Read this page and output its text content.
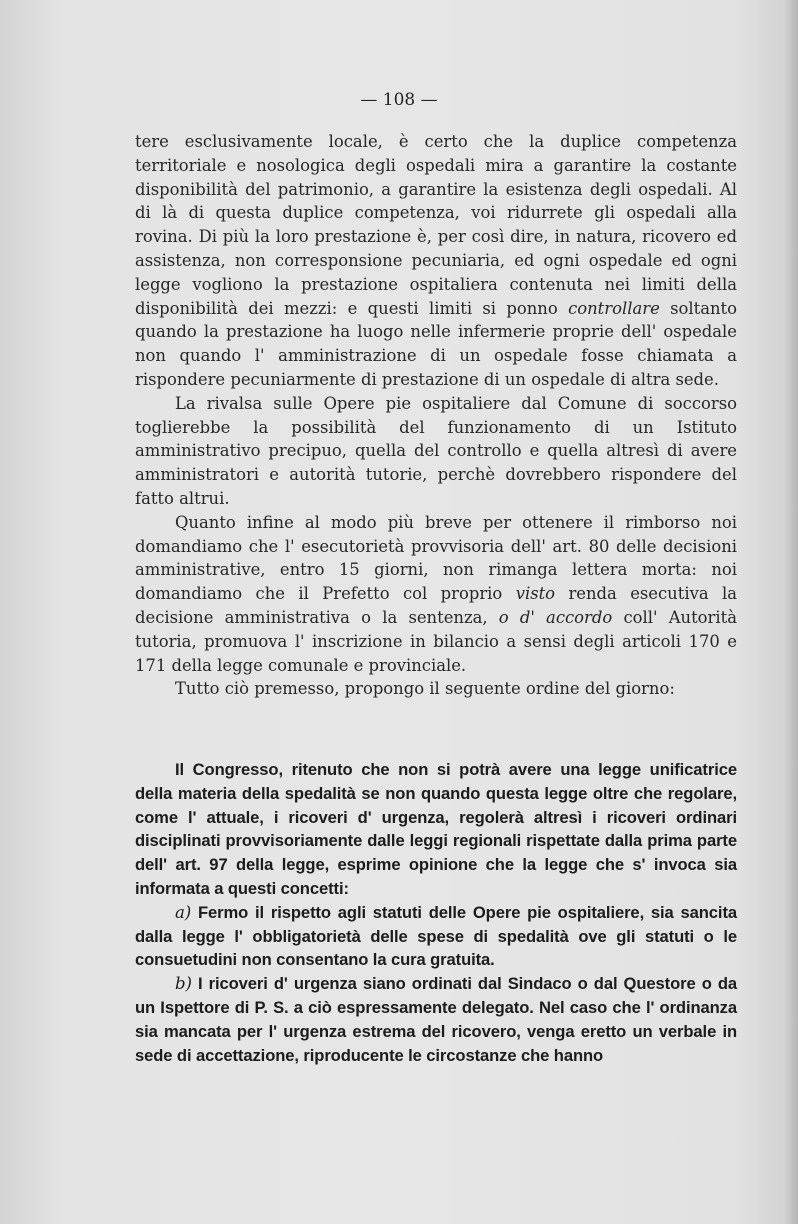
— 108 —

tere esclusivamente locale, è certo che la duplice competenza territoriale e nosologica degli ospedali mira a garantire la costante disponibilità del patrimonio, a garantire la esistenza degli ospedali. Al di là di questa duplice competenza, voi ridurrete gli ospedali alla rovina. Di più la loro prestazione è, per così dire, in natura, ricovero ed assistenza, non corresponsione pecuniaria, ed ogni ospedale ed ogni legge vogliono la prestazione ospitaliera contenuta nei limiti della disponibilità dei mezzi: e questi limiti si ponno controllare soltanto quando la prestazione ha luogo nelle infermerie proprie dell' ospedale non quando l' amministrazione di un ospedale fosse chiamata a rispondere pecuniarmente di prestazione di un ospedale di altra sede.

La rivalsa sulle Opere pie ospitaliere dal Comune di soccorso toglierebbe la possibilità del funzionamento di un Istituto amministrativo precipuo, quella del controllo e quella altresì di avere amministratori e autorità tutorie, perchè dovrebbero rispondere del fatto altrui.

Quanto infine al modo più breve per ottenere il rimborso noi domandiamo che l' esecutorietà provvisoria dell' art. 80 delle decisioni amministrative, entro 15 giorni, non rimanga lettera morta: noi domandiamo che il Prefetto col proprio visto renda esecutiva la decisione amministrativa o la sentenza, o d' accordo coll' Autorità tutoria, promuova l' inscrizione in bilancio a sensi degli articoli 170 e 171 della legge comunale e provinciale.

Tutto ciò premesso, propongo il seguente ordine del giorno:

Il Congresso, ritenuto che non si potrà avere una legge unificatrice della materia della spedalità se non quando questa legge oltre che regolare, come l' attuale, i ricoveri d' urgenza, regolerà altresì i ricoveri ordinari disciplinati provvisoriamente dalle leggi regionali rispettate dalla prima parte dell' art. 97 della legge, esprime opinione che la legge che s' invoca sia informata a questi concetti:

a) Fermo il rispetto agli statuti delle Opere pie ospitaliere, sia sancita dalla legge l' obbligatorietà delle spese di spedalità ove gli statuti o le consuetudini non consentano la cura gratuita.

b) I ricoveri d' urgenza siano ordinati dal Sindaco o dal Questore o da un Ispettore di P. S. a ciò espressamente delegato. Nel caso che l' ordinanza sia mancata per l' urgenza estrema del ricovero, venga eretto un verbale in sede di accettazione, riproducente le circostanze che hanno
